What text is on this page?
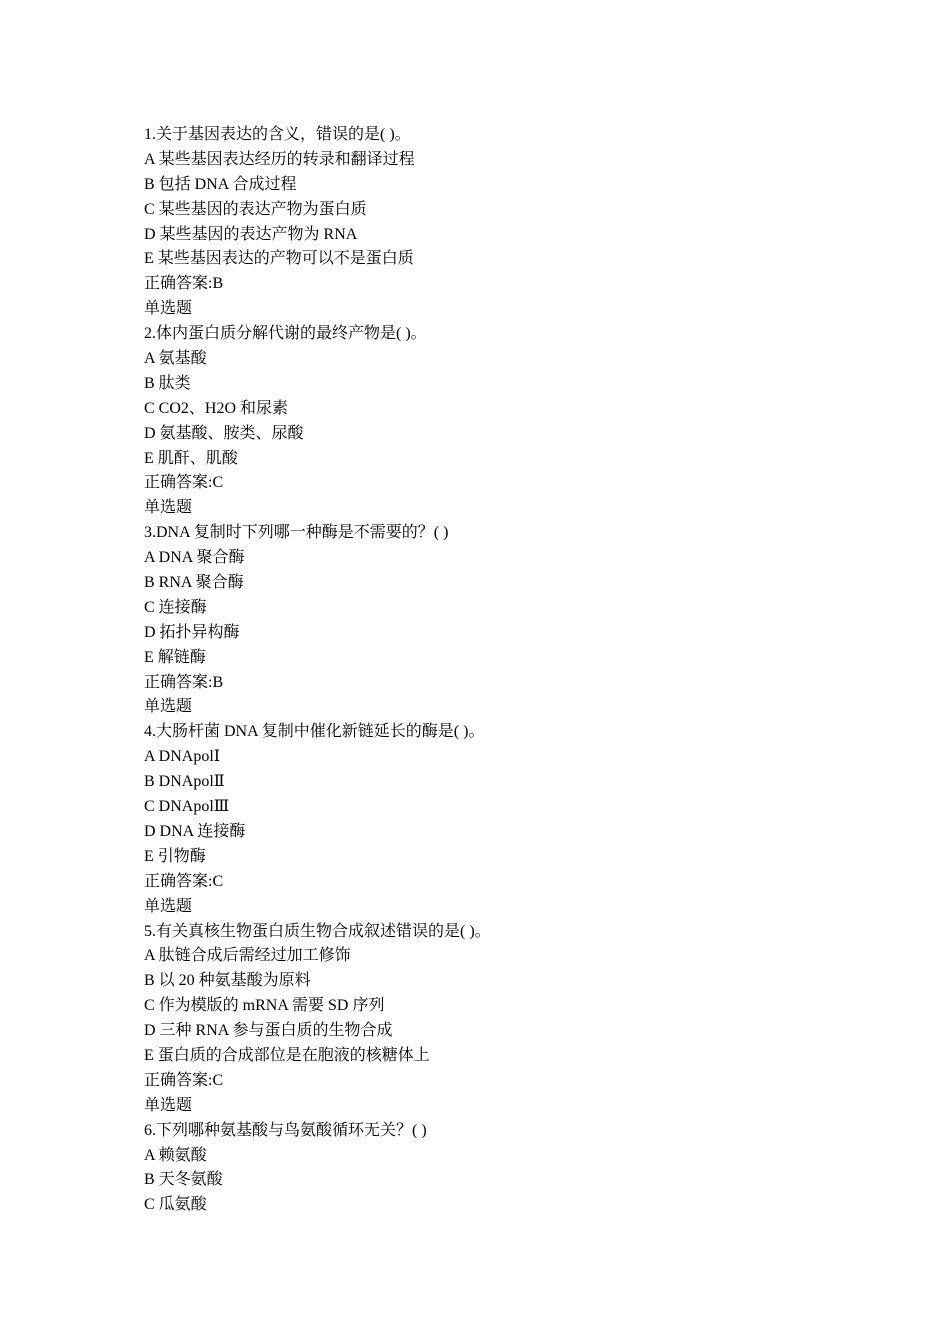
1.关于基因表达的含义，错误的是( )。
A 某些基因表达经历的转录和翻译过程
B 包括 DNA 合成过程
C 某些基因的表达产物为蛋白质
D 某些基因的表达产物为 RNA
E 某些基因表达的产物可以不是蛋白质
正确答案:B
单选题
2.体内蛋白质分解代谢的最终产物是( )。
A 氨基酸
B 肽类
C CO2、H2O 和尿素
D 氨基酸、胺类、尿酸
E 肌酐、肌酸
正确答案:C
单选题
3.DNA 复制时下列哪一种酶是不需要的？( )
A DNA 聚合酶
B RNA 聚合酶
C 连接酶
D 拓扑异构酶
E 解链酶
正确答案:B
单选题
4.大肠杆菌 DNA 复制中催化新链延长的酶是( )。
A DNApolⅠ
B DNApolⅡ
C DNApolⅢ
D DNA 连接酶
E 引物酶
正确答案:C
单选题
5.有关真核生物蛋白质生物合成叙述错误的是( )。
A 肽链合成后需经过加工修饰
B 以 20 种氨基酸为原料
C 作为模版的 mRNA 需要 SD 序列
D 三种 RNA 参与蛋白质的生物合成
E 蛋白质的合成部位是在胞液的核糖体上
正确答案:C
单选题
6.下列哪种氨基酸与鸟氨酸循环无关？( )
A 赖氨酸
B 天冬氨酸
C 瓜氨酸
